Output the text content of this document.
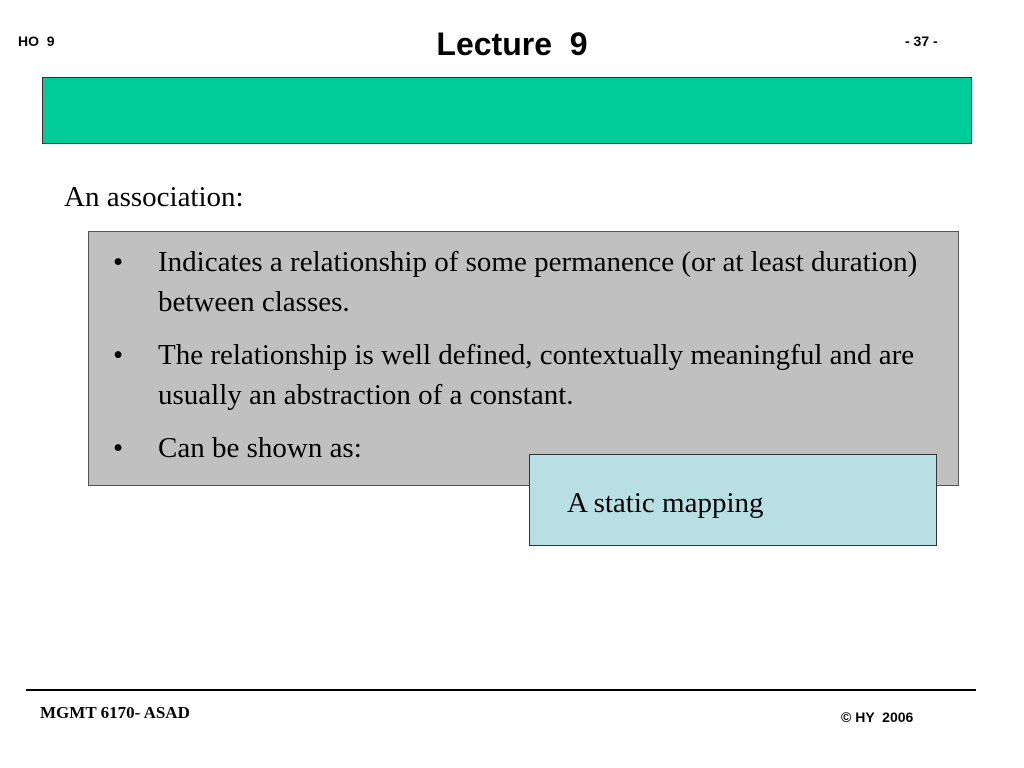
HO  9	Lecture  9	- 37 -
An association:
• Indicates a relationship of some permanence (or at least duration) between classes.
• The relationship is well defined, contextually meaningful and are usually an abstraction of a constant.
• Can be shown as:
A static mapping
MGMT 6170- ASAD	© HY  2006
